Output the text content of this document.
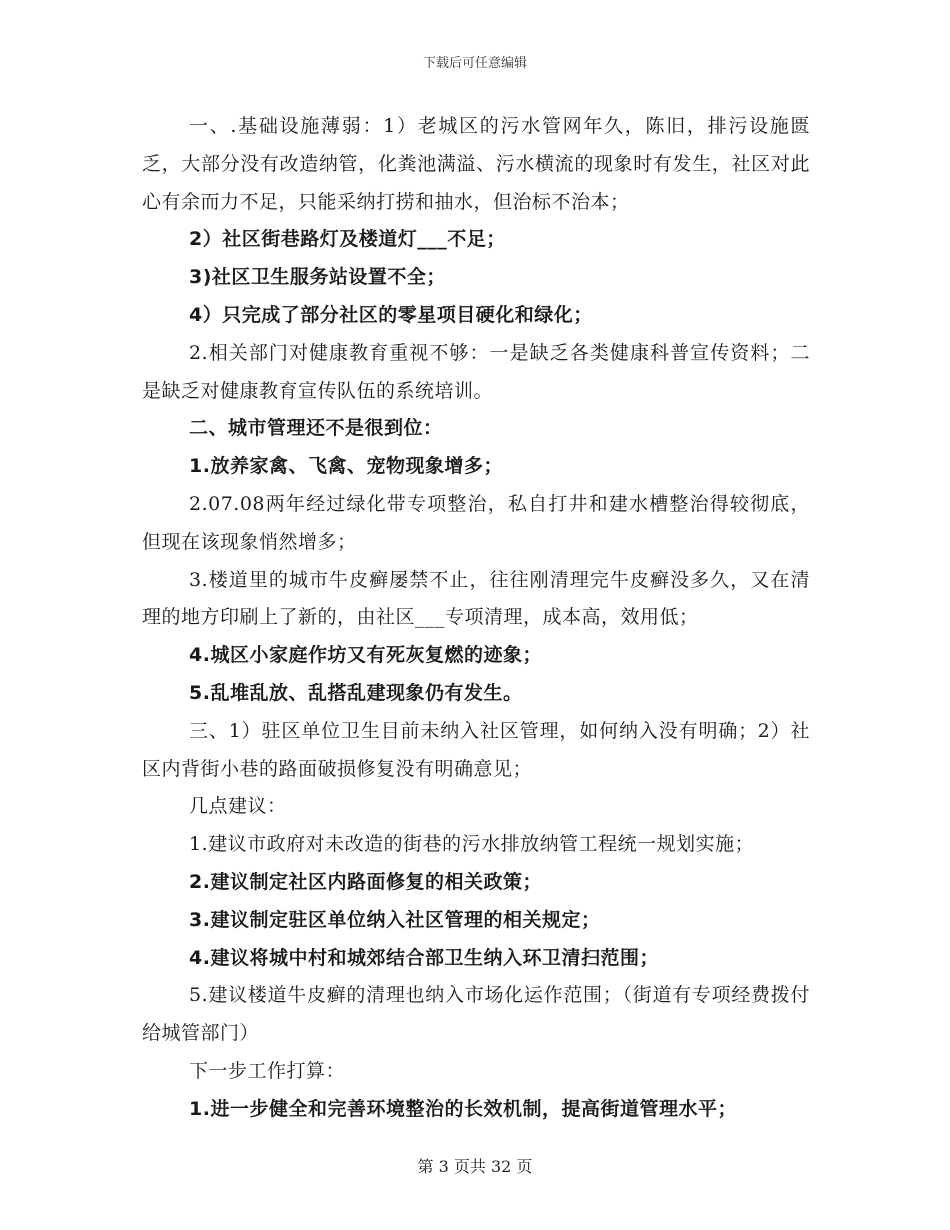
下载后可任意编辑

一、.基础设施薄弱：1）老城区的污水管网年久，陈旧，排污设施匮乏，大部分没有改造纳管，化粪池满溢、污水横流的现象时有发生，社区对此心有余而力不足，只能采纳打捞和抽水，但治标不治本；

2）社区街巷路灯及楼道灯___不足；

3)社区卫生服务站设置不全；

4）只完成了部分社区的零星项目硬化和绿化；

2.相关部门对健康教育重视不够：一是缺乏各类健康科普宣传资料；二是缺乏对健康教育宣传队伍的系统培训。

二、城市管理还不是很到位：

1.放养家禽、飞禽、宠物现象增多；

2.07.08两年经过绿化带专项整治，私自打井和建水槽整治得较彻底，但现在该现象悄然增多；

3.楼道里的城市牛皮癣屡禁不止，往往刚清理完牛皮癣没多久，又在清理的地方印刷上了新的，由社区___专项清理，成本高，效用低；

4.城区小家庭作坊又有死灰复燃的迹象；

5.乱堆乱放、乱搭乱建现象仍有发生。

三、1）驻区单位卫生目前未纳入社区管理，如何纳入没有明确；2）社区内背街小巷的路面破损修复没有明确意见；

几点建议：

1.建议市政府对未改造的街巷的污水排放纳管工程统一规划实施；

2.建议制定社区内路面修复的相关政策；

3.建议制定驻区单位纳入社区管理的相关规定；

4.建议将城中村和城郊结合部卫生纳入环卫清扫范围；

5.建议楼道牛皮癣的清理也纳入市场化运作范围；（街道有专项经费拨付给城管部门）

下一步工作打算：

1.进一步健全和完善环境整治的长效机制，提高街道管理水平；

第 3 页共 32 页
